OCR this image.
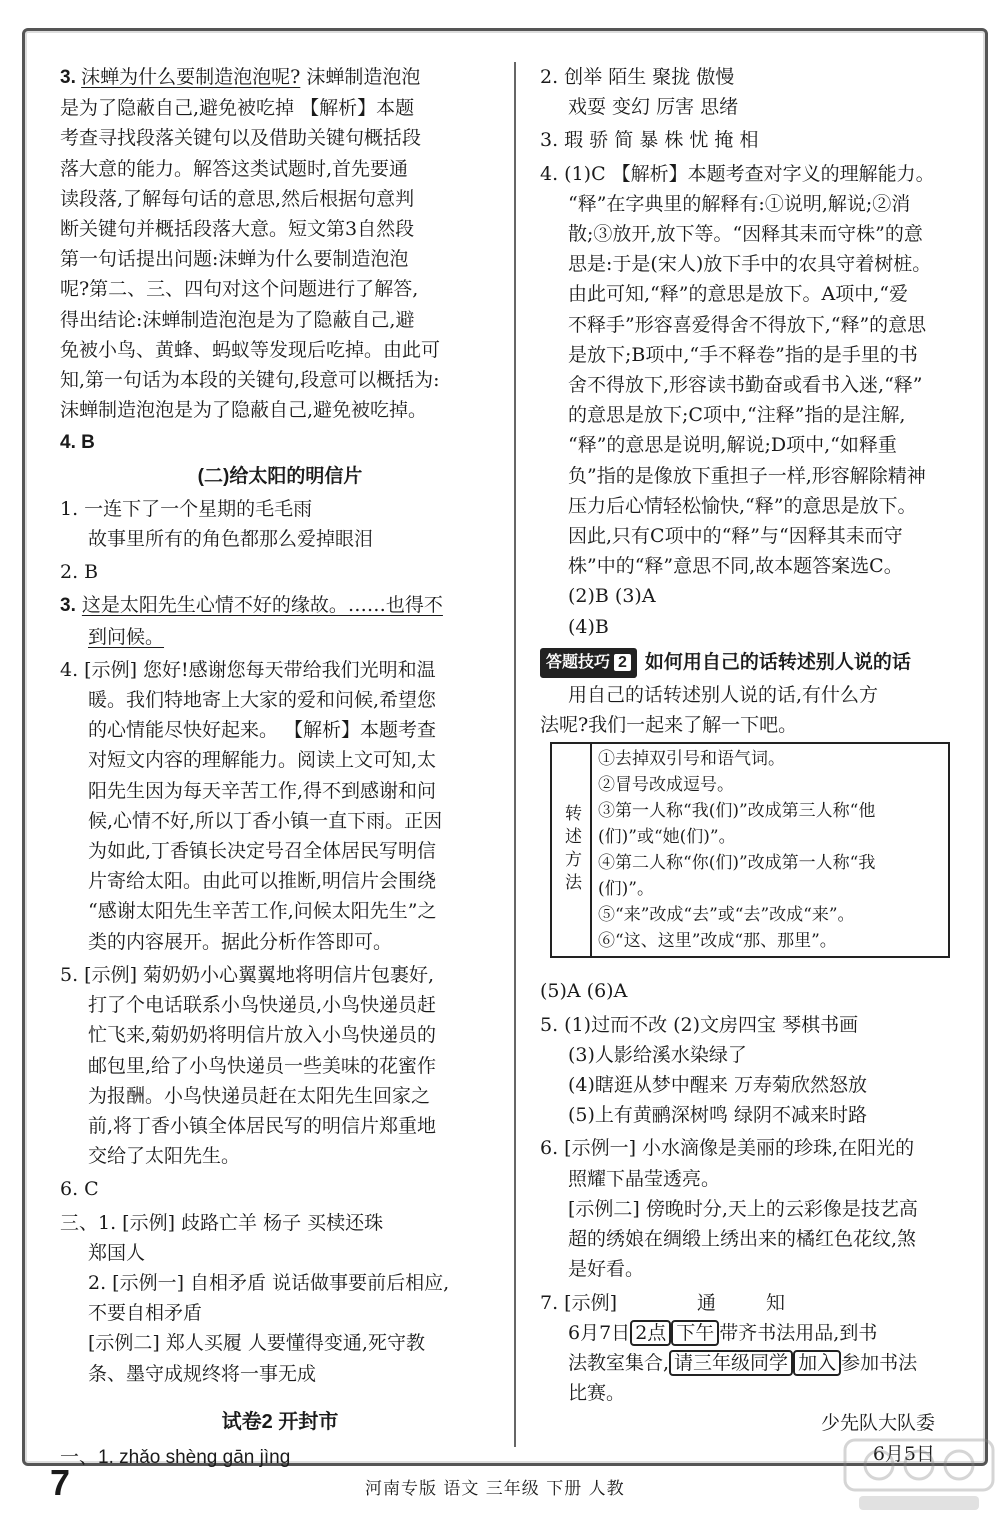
3. 沫蝉为什么要制造泡泡呢? 沫蝉制造泡泡
是为了隐蔽自己,避免被吃掉 【解析】本题
考查寻找段落关键句以及借助关键句概括段
落大意的能力。解答这类试题时,首先要通
读段落,了解每句话的意思,然后根据句意判
断关键句并概括段落大意。短文第3自然段
第一句话提出问题:沫蝉为什么要制造泡泡
呢?第二、三、四句对这个问题进行了解答,
得出结论:沫蝉制造泡泡是为了隐蔽自己,避
免被小鸟、黄蜂、蚂蚁等发现后吃掉。由此可
知,第一句话为本段的关键句,段意可以概括为:
沫蝉制造泡泡是为了隐蔽自己,避免被吃掉。
4. B
(二)给太阳的明信片
1. 一连下了一个星期的毛毛雨
故事里所有的角色都那么爱掉眼泪
2. B
3. 这是太阳先生心情不好的缘故。……也得不
到问候。
4. [示例] 您好!感谢您每天带给我们光明和温
暖。我们特地寄上大家的爱和问候,希望您
的心情能尽快好起来。 【解析】本题考查
对短文内容的理解能力。阅读上文可知,太
阳先生因为每天辛苦工作,得不到感谢和问
候,心情不好,所以丁香小镇一直下雨。正因
为如此,丁香镇长决定号召全体居民写明信
片寄给太阳。由此可以推断,明信片会围绕
“感谢太阳先生辛苦工作,问候太阳先生”之
类的内容展开。据此分析作答即可。
5. [示例] 菊奶奶小心翼翼地将明信片包裹好,
打了个电话联系小鸟快递员,小鸟快递员赶
忙飞来,菊奶奶将明信片放入小鸟快递员的
邮包里,给了小鸟快递员一些美味的花蜜作
为报酬。小鸟快递员赶在太阳先生回家之
前,将丁香小镇全体居民写的明信片郑重地
交给了太阳先生。
6. C
三、1. [示例] 歧路亡羊 杨子 买椟还珠
郑国人
2. [示例一] 自相矛盾 说话做事要前后相应,
不要自相矛盾
[示例二] 郑人买履 人要懂得变通,死守教
条、墨守成规终将一事无成
试卷2 开封市
一、1. zhǎo shèng gān jìng
2. 创举 陌生 聚拢 傲慢
戏耍 变幻 厉害 思绪
3. 瑕 骄 简 暴 株 忧 掩 相
4. (1)C 【解析】本题考查对字义的理解能力。
“释”在字典里的解释有:①说明,解说;②消
散;③放开,放下等。“因释其耒而守株”的意
思是:于是(宋人)放下手中的农具守着树桩。
由此可知,“释”的意思是放下。A项中,“爱
不释手”形容喜爱得舍不得放下,“释”的意思
是放下;B项中,“手不释卷”指的是手里的书
舍不得放下,形容读书勤奋或看书入迷,“释”
的意思是放下;C项中,“注释”指的是注解,
“释”的意思是说明,解说;D项中,“如释重
负”指的是像放下重担子一样,形容解除精神
压力后心情轻松愉快,“释”的意思是放下。
因此,只有C项中的“释”与“因释其耒而守
株”中的“释”意思不同,故本题答案选C。
(2)B (3)A
(4)B
答题技巧 2 如何用自己的话转述别人说的话
用自己的话转述别人说的话,有什么方
法呢?我们一起来了解一下吧。
转述方法	
①去掉双引号和语气词。
②冒号改成逗号。
③第一人称“我(们)”改成第三人称“他
(们)”或“她(们)”。
④第二人称“你(们)”改成第一人称“我
(们)”。
⑤“来”改成“去”或“去”改成“来”。
⑥“这、这里”改成“那、那里”。
(5)A (6)A
5. (1)过而不改 (2)文房四宝 琴棋书画
(3)人影给溪水染绿了
(4)瞎逛从梦中醒来 万寿菊欣然怒放
(5)上有黄鹂深树鸣 绿阴不减来时路
6. [示例一] 小水滴像是美丽的珍珠,在阳光的
照耀下晶莹透亮。
[示例二] 傍晚时分,天上的云彩像是技艺高
超的绣娘在绸缎上绣出来的橘红色花纹,煞
是好看。
7. [示例]	通 知
6月7日 2点 下午 带齐书法用品,到书
法教室集合, 请三年级同学 加入 参加书法
比赛。
少先队大队委
6月5日
7	河南专版 语文 三年级 下册 人教
